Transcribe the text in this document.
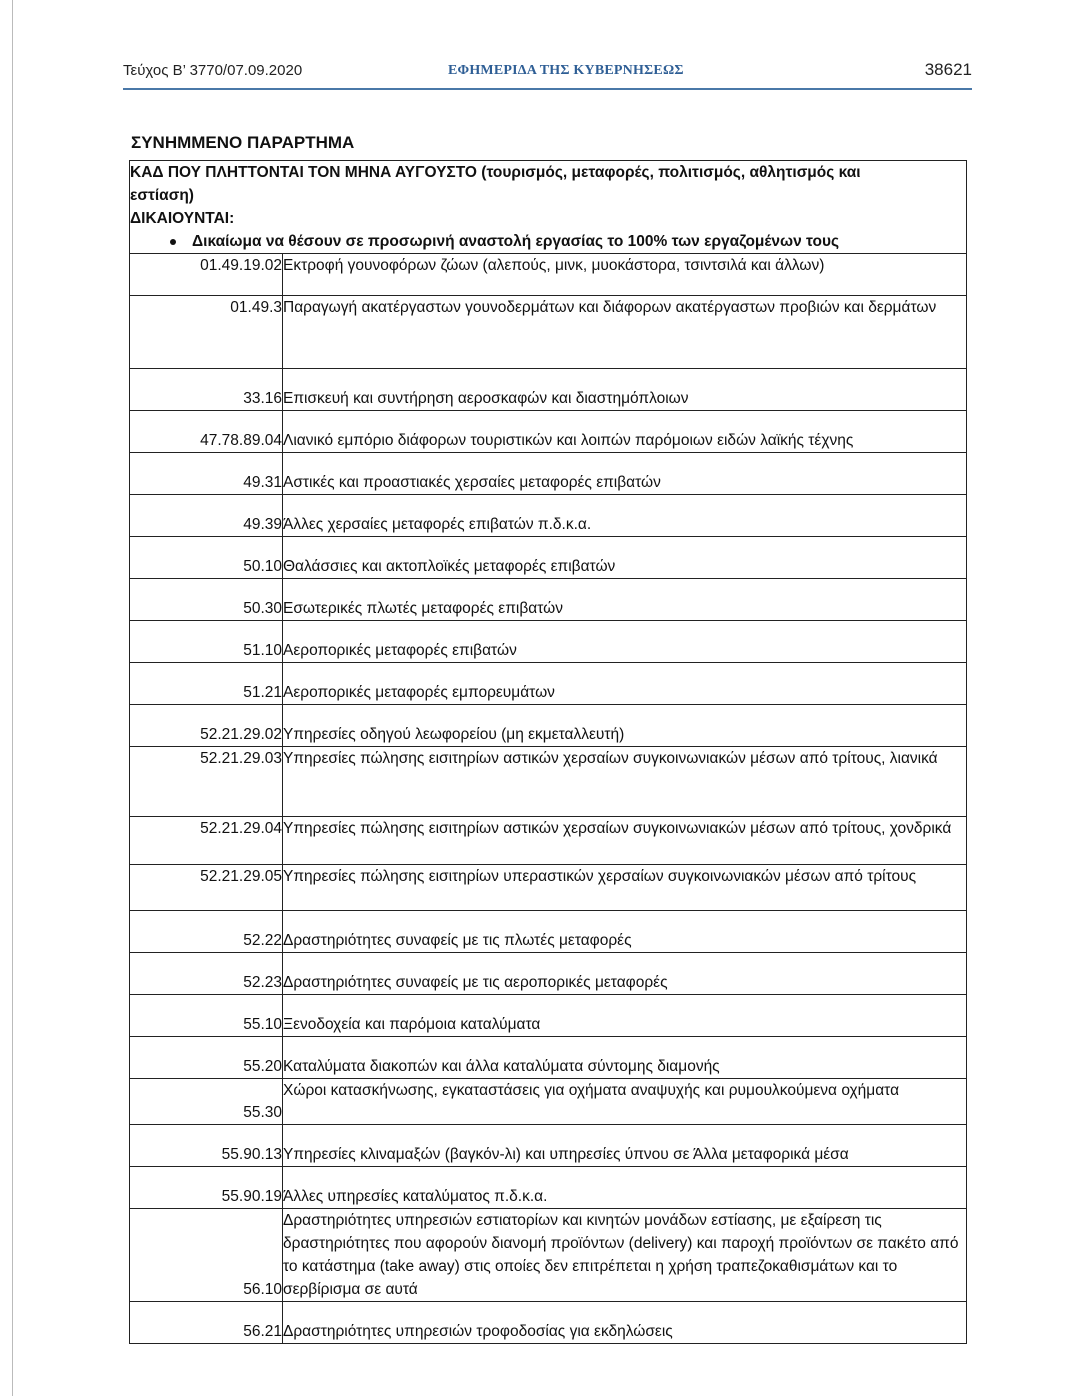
Τεύχος Β’ 3770/07.09.2020	ΕΦΗΜΕΡΙΔΑ ΤΗΣ ΚΥΒΕΡΝΗΣΕΩΣ	38621
ΣΥΝΗΜΜΕΝΟ ΠΑΡΑΡΤΗΜΑ
ΚΑΔ ΠΟΥ ΠΛΗΤΤΟΝΤΑΙ ΤΟΝ ΜΗΝΑ ΑΥΓΟΥΣΤΟ (τουρισμός, μεταφορές, πολιτισμός, αθλητισμός και
εστίαση)
ΔΙΚΑΙΟΥΝΤΑΙ:
Δικαίωμα να θέσουν σε προσωρινή αναστολή εργασίας το 100% των εργαζομένων τους	

01.49.19.02	Εκτροφή γουνοφόρων ζώων (αλεπούς, μινκ, μυοκάστορα, τσιντσιλά και άλλων)
01.49.3	Παραγωγή ακατέργαστων γουνοδερμάτων και διάφορων ακατέργαστων προβιών και δερμάτων
33.16	Επισκευή και συντήρηση αεροσκαφών και διαστημόπλοιων
47.78.89.04	Λιανικό εμπόριο διάφορων τουριστικών και λοιπών παρόμοιων ειδών λαϊκής τέχνης
49.31	Αστικές και προαστιακές χερσαίες μεταφορές επιβατών
49.39	Άλλες χερσαίες μεταφορές επιβατών π.δ.κ.α.
50.10	Θαλάσσιες και ακτοπλοϊκές μεταφορές επιβατών
50.30	Εσωτερικές πλωτές μεταφορές επιβατών
51.10	Αεροπορικές μεταφορές επιβατών
51.21	Αεροπορικές μεταφορές εμπορευμάτων
52.21.29.02	Υπηρεσίες οδηγού λεωφορείου (μη εκμεταλλευτή)
52.21.29.03	Υπηρεσίες πώλησης εισιτηρίων αστικών χερσαίων συγκοινωνιακών μέσων από τρίτους, λιανικά
52.21.29.04	Υπηρεσίες πώλησης εισιτηρίων αστικών χερσαίων συγκοινωνιακών μέσων από τρίτους, χονδρικά
52.21.29.05	Υπηρεσίες πώλησης εισιτηρίων υπεραστικών χερσαίων συγκοινωνιακών μέσων από τρίτους
52.22	Δραστηριότητες συναφείς με τις πλωτές μεταφορές
52.23	Δραστηριότητες συναφείς με τις αεροπορικές μεταφορές
55.10	Ξενοδοχεία και παρόμοια καταλύματα
55.20	Καταλύματα διακοπών και άλλα καταλύματα σύντομης διαμονής
55.30	Χώροι κατασκήνωσης, εγκαταστάσεις για οχήματα αναψυχής και ρυμουλκούμενα οχήματα
55.90.13	Υπηρεσίες κλιναμαξών (βαγκόν-λι) και υπηρεσίες ύπνου σε Άλλα μεταφορικά μέσα
55.90.19	Άλλες υπηρεσίες καταλύματος π.δ.κ.α.
56.10	Δραστηριότητες υπηρεσιών εστιατορίων και κινητών μονάδων εστίασης, με εξαίρεση τις δραστηριότητες που αφορούν διανομή προϊόντων (delivery) και παροχή προϊόντων σε πακέτο από το κατάστημα (take away) στις οποίες δεν επιτρέπεται η χρήση τραπεζοκαθισμάτων και το σερβίρισμα σε αυτά
56.21	Δραστηριότητες υπηρεσιών τροφοδοσίας για εκδηλώσεις
